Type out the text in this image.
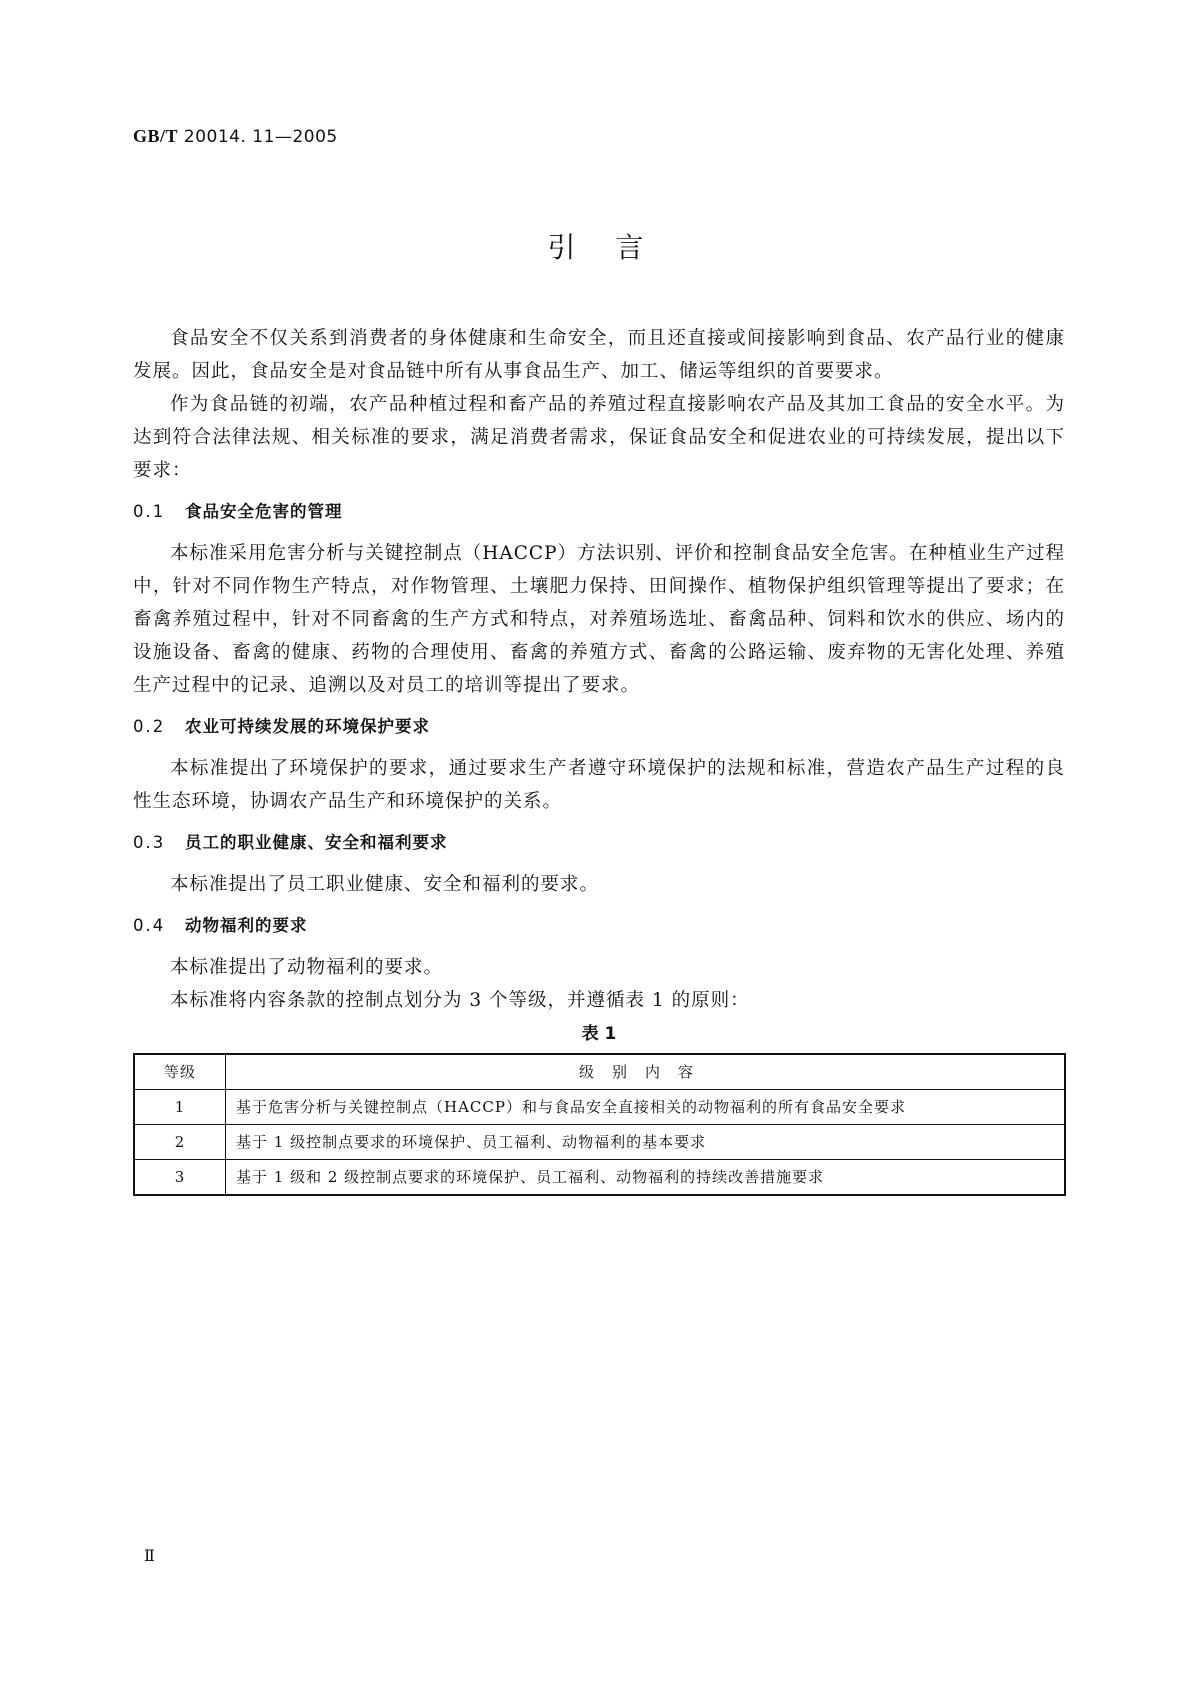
GB/T 20014. 11—2005
引言

食品安全不仅关系到消费者的身体健康和生命安全，而且还直接或间接影响到食品、农产品行业的健康发展。因此，食品安全是对食品链中所有从事食品生产、加工、储运等组织的首要要求。

作为食品链的初端，农产品种植过程和畜产品的养殖过程直接影响农产品及其加工食品的安全水平。为达到符合法律法规、相关标准的要求，满足消费者需求，保证食品安全和促进农业的可持续发展，提出以下要求：

0.1 食品安全危害的管理

本标准采用危害分析与关键控制点（HACCP）方法识别、评价和控制食品安全危害。在种植业生产过程中，针对不同作物生产特点，对作物管理、土壤肥力保持、田间操作、植物保护组织管理等提出了要求；在畜禽养殖过程中，针对不同畜禽的生产方式和特点，对养殖场选址、畜禽品种、饲料和饮水的供应、场内的设施设备、畜禽的健康、药物的合理使用、畜禽的养殖方式、畜禽的公路运输、废弃物的无害化处理、养殖生产过程中的记录、追溯以及对员工的培训等提出了要求。

0.2 农业可持续发展的环境保护要求

本标准提出了环境保护的要求，通过要求生产者遵守环境保护的法规和标准，营造农产品生产过程的良性生态环境，协调农产品生产和环境保护的关系。

0.3 员工的职业健康、安全和福利要求

本标准提出了员工职业健康、安全和福利的要求。

0.4 动物福利的要求

本标准提出了动物福利的要求。

本标准将内容条款的控制点划分为 3 个等级，并遵循表 1 的原则：

表 1
等级	级别内容
1	基于危害分析与关键控制点（HACCP）和与食品安全直接相关的动物福利的所有食品安全要求
2	基于 1 级控制点要求的环境保护、员工福利、动物福利的基本要求
3	基于 1 级和 2 级控制点要求的环境保护、员工福利、动物福利的持续改善措施要求
Ⅱ
